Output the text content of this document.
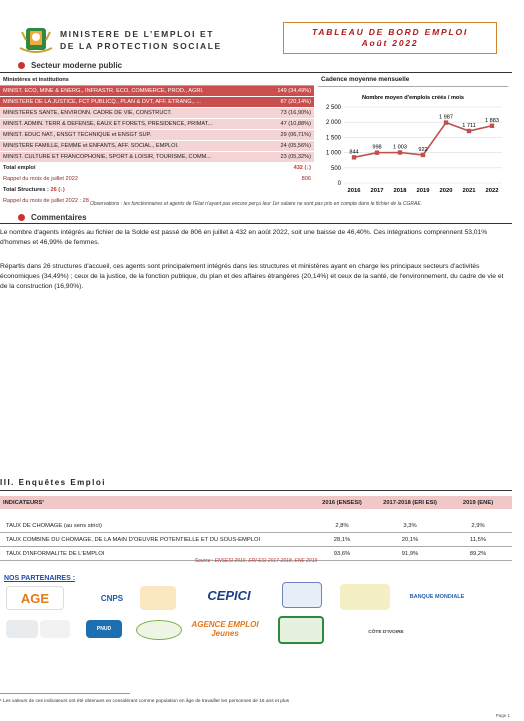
MINISTERE DE L’EMPLOI ET
DE LA PROTECTION SOCIALE
TABLEAU DE BORD EMPLOI
Août 2022
Secteur moderne public
Ministères et institutions
MINIST. ECO, MINE & ENERG., INFRASTR. ECO, COMMERCE, PROD., AGRI.	149 (34,49%)
MINISTERE DE LA JUSTICE, FCT PUBLICQ., PLAN & DVT, AFF. ETRANG., ...	87 (20,14%)
MINISTERES SANTE, ENVIRONN. CADRE DE VIE, CONSTRUCT.	73 (16,90%)
MINIST. ADMIN. TERR & DEFENSE, EAUX ET FORETS, PRESIDENCE, PRIMAT...	47 (10,88%)
MINIST. EDUC NAT., ENSGT TECHNIQUE et ENSGT SUP.	29 (06,71%)
MINISTERE FAMILLE, FEMME et ENFANTS, AFF. SOCIAL., EMPLOI.	24 (05,56%)
MINIST. CULTURE ET FRANCOPHONIE, SPORT & LOISIR, TOURISME, COMM...	23 (05,32%)
Total emploi	432 (↓)
Rappel du mois de juillet 2022	806
Total Structures : 26 (↓)
Rappel du mois de juillet 2022 : 28
Cadence moyenne mensuelle
Nombre moyen d'emplois créés / mois
0
500
1 000
1 500
2 000
2 500
844
2016
998
2017
1 003
2018
922
2019
1 987
2020
1 711
2021
1 883
2022
Observations : les fonctionnaires et agents de l'Etat n'ayant pas encore perçu leur 1er salaire ne sont pas pris en compte dans le fichier de la CGRAE.
Commentaires
Le nombre d'agents intégrés au fichier de la Solde est passé de 806 en juillet à 432 en août 2022, soit une baisse de 46,40%. Ces intégrations comprennent 53,01% d'hommes et 46,99% de femmes.
Répartis dans 26 structures d'accueil, ces agents sont principalement intégrés dans les structures et ministères ayant en charge les principaux secteurs d'activités économiques (34,49%) ; ceux de la justice, de la fonction publique, du plan et des affaires étrangères (20,14%) et ceux de la santé, de l'environnement, du cadre de vie et de la construction (16,90%).
III. Enquêtes Emploi
INDICATEURS¹	2016 (ENSESI)	2017-2018 (ERI ESI)	2019 (ENE)

TAUX DE CHOMAGE (au sens strict)	2,8%	3,3%	2,9%
TAUX COMBINE DU CHOMAGE, DE LA MAIN D'OEUVRE POTENTIELLE ET DU SOUS-EMPLOI	28,1%	20,1%	11,5%
TAUX D'INFORMALITE DE L'EMPLOI	93,6%	91,9%	89,2%
Source : ENSESI 2016, ERI-ESI 2017-2018, ENE 2019
NOS PARTENAIRES :
AGE	CNPS	CEPICI	BANQUE MONDIALE
PNUD	AGENCE EMPLOI Jeunes	CÔTE D'IVOIRE
¹ Les valeurs de ces indicateurs ont été obtenues en considérant comme population en âge de travailler les personnes de 16 ans et plus
Page 1
